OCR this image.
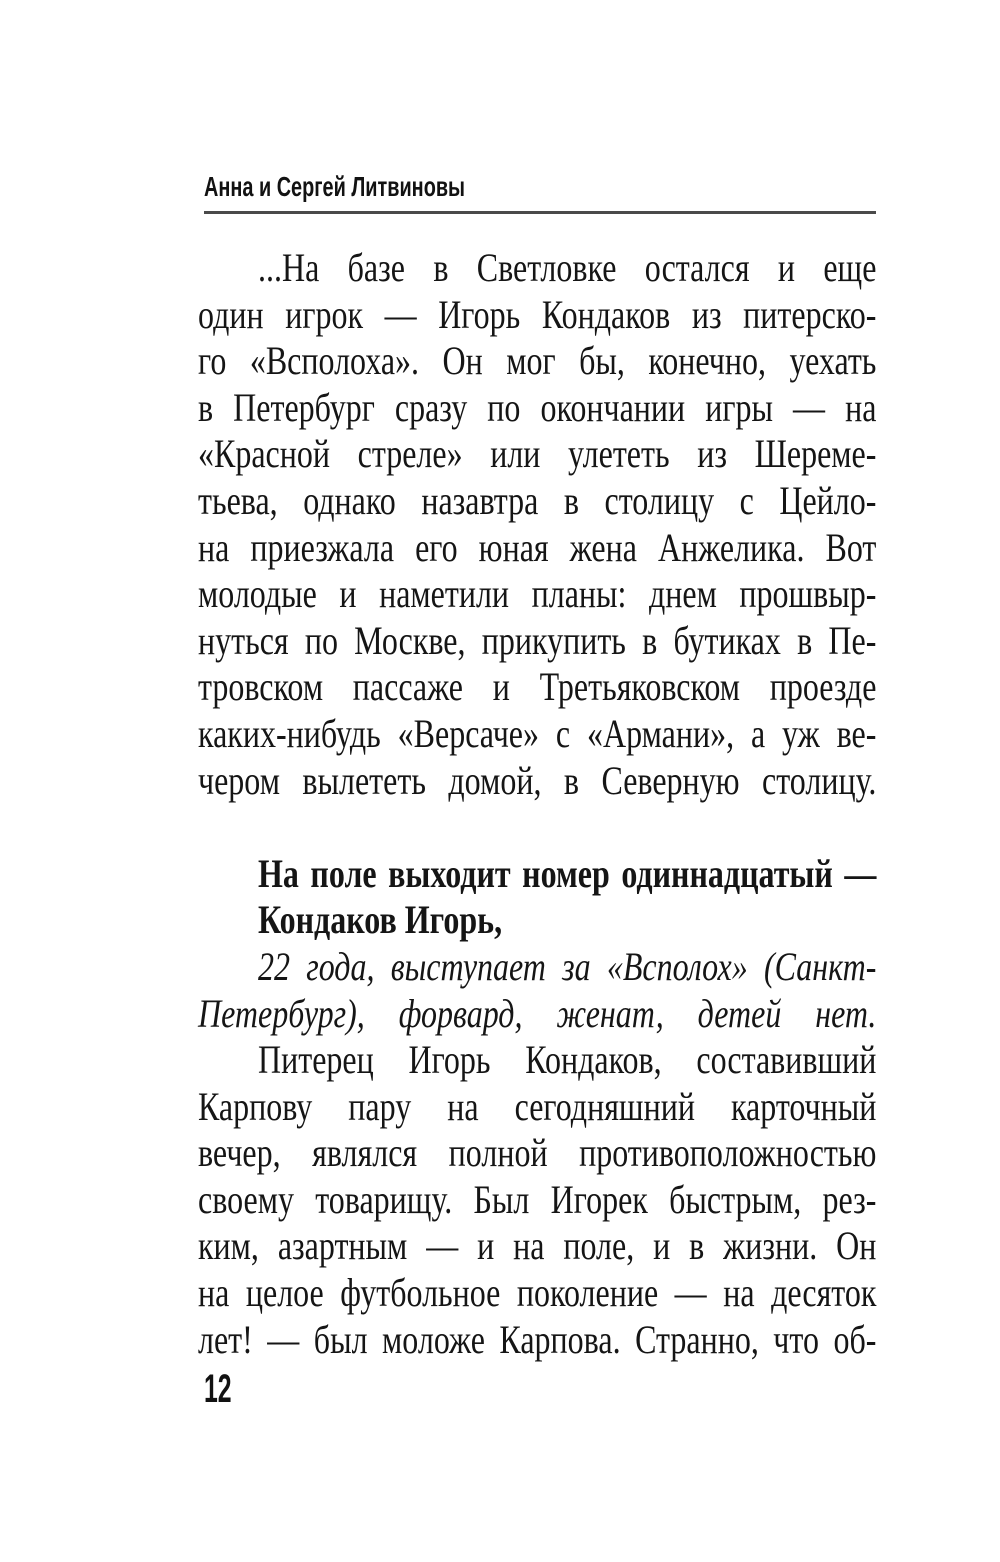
Анна и Сергей Литвиновы
...На базе в Светловке остался и еще
один игрок — Игорь Кондаков из питерско-
го «Всполоха». Он мог бы, конечно, уехать
в Петербург сразу по окончании игры — на
«Красной стреле» или улететь из Шереме-
тьева, однако назавтра в столицу с Цейло-
на приезжала его юная жена Анжелика. Вот
молодые и наметили планы: днем прошвыр-
нуться по Москве, прикупить в бутиках в Пе-
тровском пассаже и Третьяковском проезде
каких-нибудь «Версаче» с «Армани», а уж ве-
чером вылететь домой, в Северную столицу.
На поле выходит номер одиннадцатый —
Кондаков Игорь,
22 года, выступает за «Всполох» (Санкт-
Петербург), форвард, женат, детей нет.
Питерец Игорь Кондаков, составивший
Карпову пару на сегодняшний карточный
вечер, являлся полной противоположностью
своему товарищу. Был Игорек быстрым, рез-
ким, азартным — и на поле, и в жизни. Он
на целое футбольное поколение — на десяток
лет! — был моложе Карпова. Странно, что об-
12
